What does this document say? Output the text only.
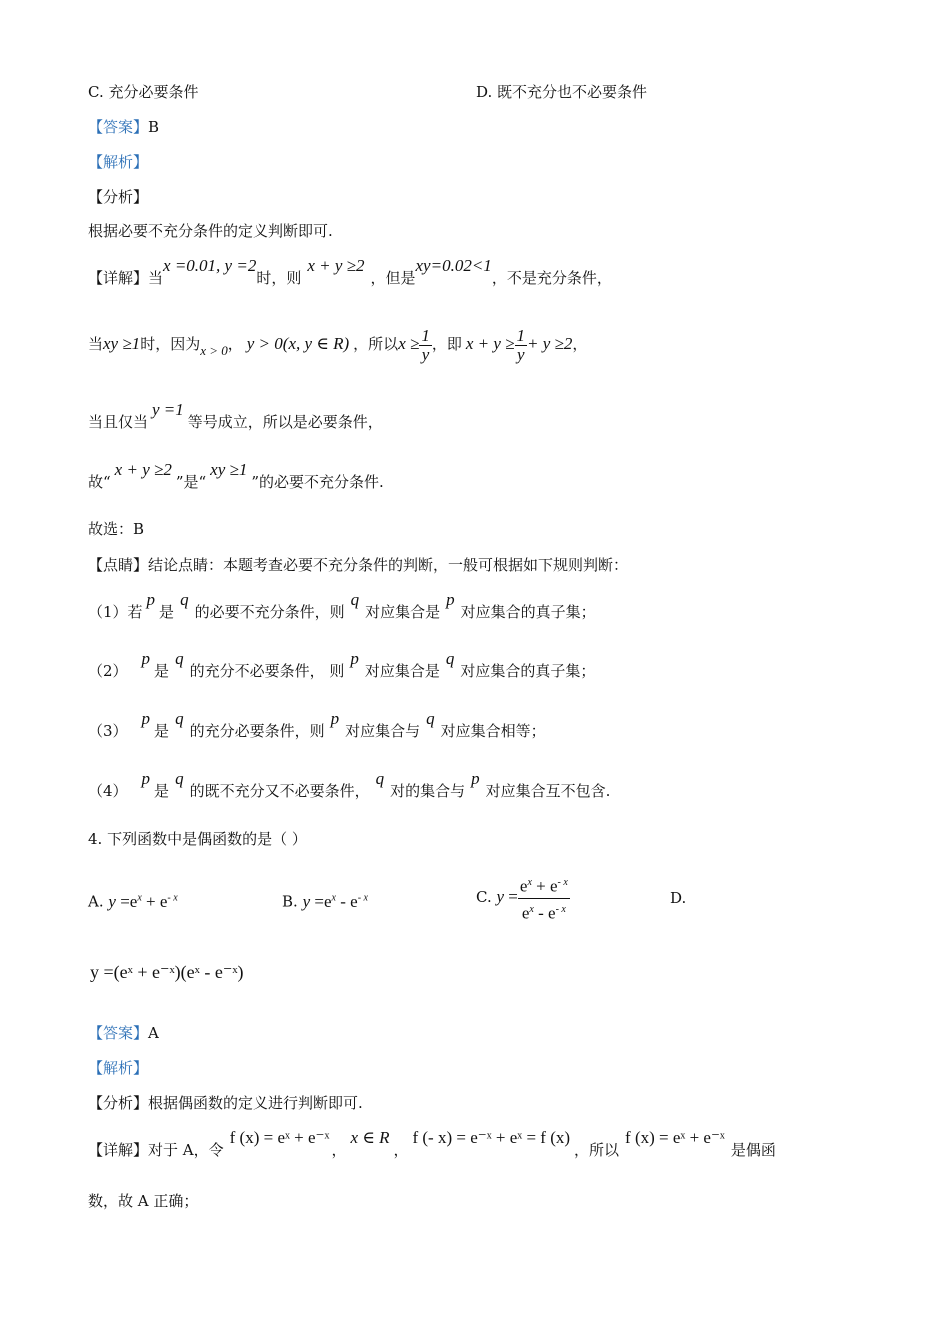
C. 充分必要条件	D. 既不充分也不必要条件
【答案】B
【解析】
【分析】
根据必要不充分条件的定义判断即可.
【详解】当x =0.01, y =2时，则x + y ≥2，但是xy=0.02<1，不是充分条件，
当xy ≥1时，因为x > 0， y > 0(x, y ∈ R) ，所以$x \ge \frac{1}{y}$ ，即 $x + y \ge \frac{1}{y} + y \ge 2$，
当且仅当y =1等号成立，所以是必要条件，
故“x + y ≥2”是“xy ≥1”的必要不充分条件.
故选：B
【点睛】结论点睛：本题考查必要不充分条件的判断，一般可根据如下规则判断：
（1）若p是q的必要不充分条件，则q对应集合是p对应集合的真子集；
（2）p是q的充分不必要条件， 则p对应集合是q对应集合的真子集；
（3）p是q的充分必要条件，则p对应集合与q对应集合相等；
（4）p是q的既不充分又不必要条件，q对的集合与p对应集合互不包含.
4. 下列函数中是偶函数的是（ ）
A. $y =e^x + e^{- x}$	B. $y =e^x - e^{- x}$	C. $y = \frac{e^x + e^{- x}}{e^x - e^{- x}}$	D.
y =(eˣ + e⁻ˣ)(eˣ - e⁻ˣ)
【答案】A
【解析】
【分析】根据偶函数的定义进行判断即可.
【详解】对于 A，令f (x) = eˣ + e⁻ˣ，x ∈ R，f (- x) = e⁻ˣ + eˣ = f (x)，所以f (x) = eˣ + e⁻ˣ是偶函
数，故 A 正确；
